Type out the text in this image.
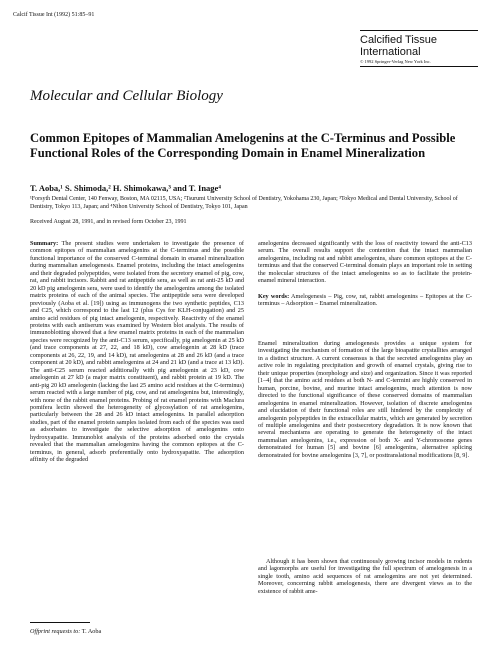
Calcif Tissue Int (1992) 51:85–91
Calcified Tissue
International
© 1992 Springer-Verlag New York Inc.
Molecular and Cellular Biology
Common Epitopes of Mammalian Amelogenins at the C-Terminus and Possible Functional Roles of the Corresponding Domain in Enamel Mineralization
T. Aoba,¹ S. Shimoda,² H. Shimokawa,³ and T. Inage⁴
¹Forsyth Dental Center, 140 Fenway, Boston, MA 02115, USA; ²Tsurumi University School of Dentistry, Yokohama 230, Japan; ³Tokyo Medical and Dental University, School of Dentistry, Tokyo 113, Japan; and ⁴Nihon University School of Dentistry, Tokyo 101, Japan
Received August 28, 1991, and in revised form October 23, 1991
Summary: The present studies were undertaken to investigate the presence of common epitopes of mammalian amelogenins at the C-terminus and the possible functional importance of the conserved C-terminal domain in enamel mineralization during mammalian amelogenesis. Enamel proteins, including the intact amelogenins and their degraded polypeptides, were isolated from the secretory enamel of pig, cow, rat, and rabbit incisors. Rabbit and rat antipeptide sera, as well as rat anti-25 kD and 20 kD pig amelogenin sera, were used to identify the amelogenins among the isolated matrix proteins of each of the animal species. The antipeptide sera were developed previously (Aoba et al. [19]) using as immunogens the two synthetic peptides, C13 and C25, which correspond to the last 12 (plus Cys for KLH-conjugation) and 25 amino acid residues of pig intact amelogenin, respectively. Reactivity of the enamel proteins with each antiserum was examined by Western blot analysis. The results of immunoblotting showed that a few enamel matrix proteins in each of the mammalian species were recognized by the anti-C13 serum, specifically, pig amelogenin at 25 kD (and trace components at 27, 22, and 18 kD), cow amelogenin at 28 kD (trace components at 26, 22, 19, and 14 kD), rat amelogenins at 28 and 26 kD (and a trace component at 20 kD), and rabbit amelogenins at 24 and 21 kD (and a trace at 13 kD). The anti-C25 serum reacted additionally with pig amelogenin at 23 kD, cow amelogenin at 27 kD (a major matrix constituent), and rabbit protein at 19 kD. The anti-pig 20 kD amelogenin (lacking the last 25 amino acid residues at the C-terminus) serum reacted with a large number of pig, cow, and rat amelogenins but, interestingly, with none of the rabbit enamel proteins. Probing of rat enamel proteins with Maclura pomifera lectin showed the heterogeneity of glycosylation of rat amelogenins, particularly between the 28 and 26 kD intact amelogenins. In parallel adsorption studies, part of the enamel protein samples isolated from each of the species was used as adsorbates to investigate the selective adsorption of amelogenins onto hydroxyapatite. Immunoblot analysis of the proteins adsorbed onto the crystals revealed that the mammalian amelogenins having the common epitopes at the C-terminus, in general, adsorb preferentially onto hydroxyapatite. The adsorption affinity of the degraded
amelogenins decreased significantly with the loss of reactivity toward the anti-C13 serum. The overall results support the contention that the intact mammalian amelogenins, including rat and rabbit amelogenins, share common epitopes at the C-terminus and that the conserved C-terminal domain plays an important role in setting the molecular structures of the intact amelogenins so as to facilitate the protein-enamel mineral interaction.
Key words: Amelogenesis – Pig, cow, rat, rabbit amelogenins – Epitopes at the C-terminus – Adsorption – Enamel mineralization.
Enamel mineralization during amelogenesis provides a unique system for investigating the mechanism of formation of the large bioapatite crystallites arranged in a distinct structure. A current consensus is that the secreted amelogenins play an active role in regulating precipitation and growth of enamel crystals, giving rise to their unique properties (morphology and size) and organization. Since it was reported [1–4] that the amino acid residues at both N- and C-termini are highly conserved in human, porcine, bovine, and murine intact amelogenins, much attention is now directed to the functional significance of these conserved domains of mammalian amelogenins in enamel mineralization. However, isolation of discrete amelogenins and elucidation of their functional roles are still hindered by the complexity of amelogenin polypeptides in the extracellular matrix, which are generated by secretion of multiple amelogenins and their postsecretory degradation. It is now known that several mechanisms are operating to generate the heterogeneity of the intact mammalian amelogenins, i.e., expression of both X- and Y-chromosome genes demonstrated for human [5] and bovine [6] amelogenins, alternative splicing demonstrated for bovine amelogenins [3, 7], or posttranslational modifications [8, 9].
Although it has been shown that continuously growing incisor models in rodents and lagomorphs are useful for investigating the full spectrum of amelogenesis in a single tooth, amino acid sequences of rat amelogenins are not yet determined. Moreover, concerning rabbit amelogenesis, there are divergent views as to the existence of rabbit ame-
Offprint requests to: T. Aoba
